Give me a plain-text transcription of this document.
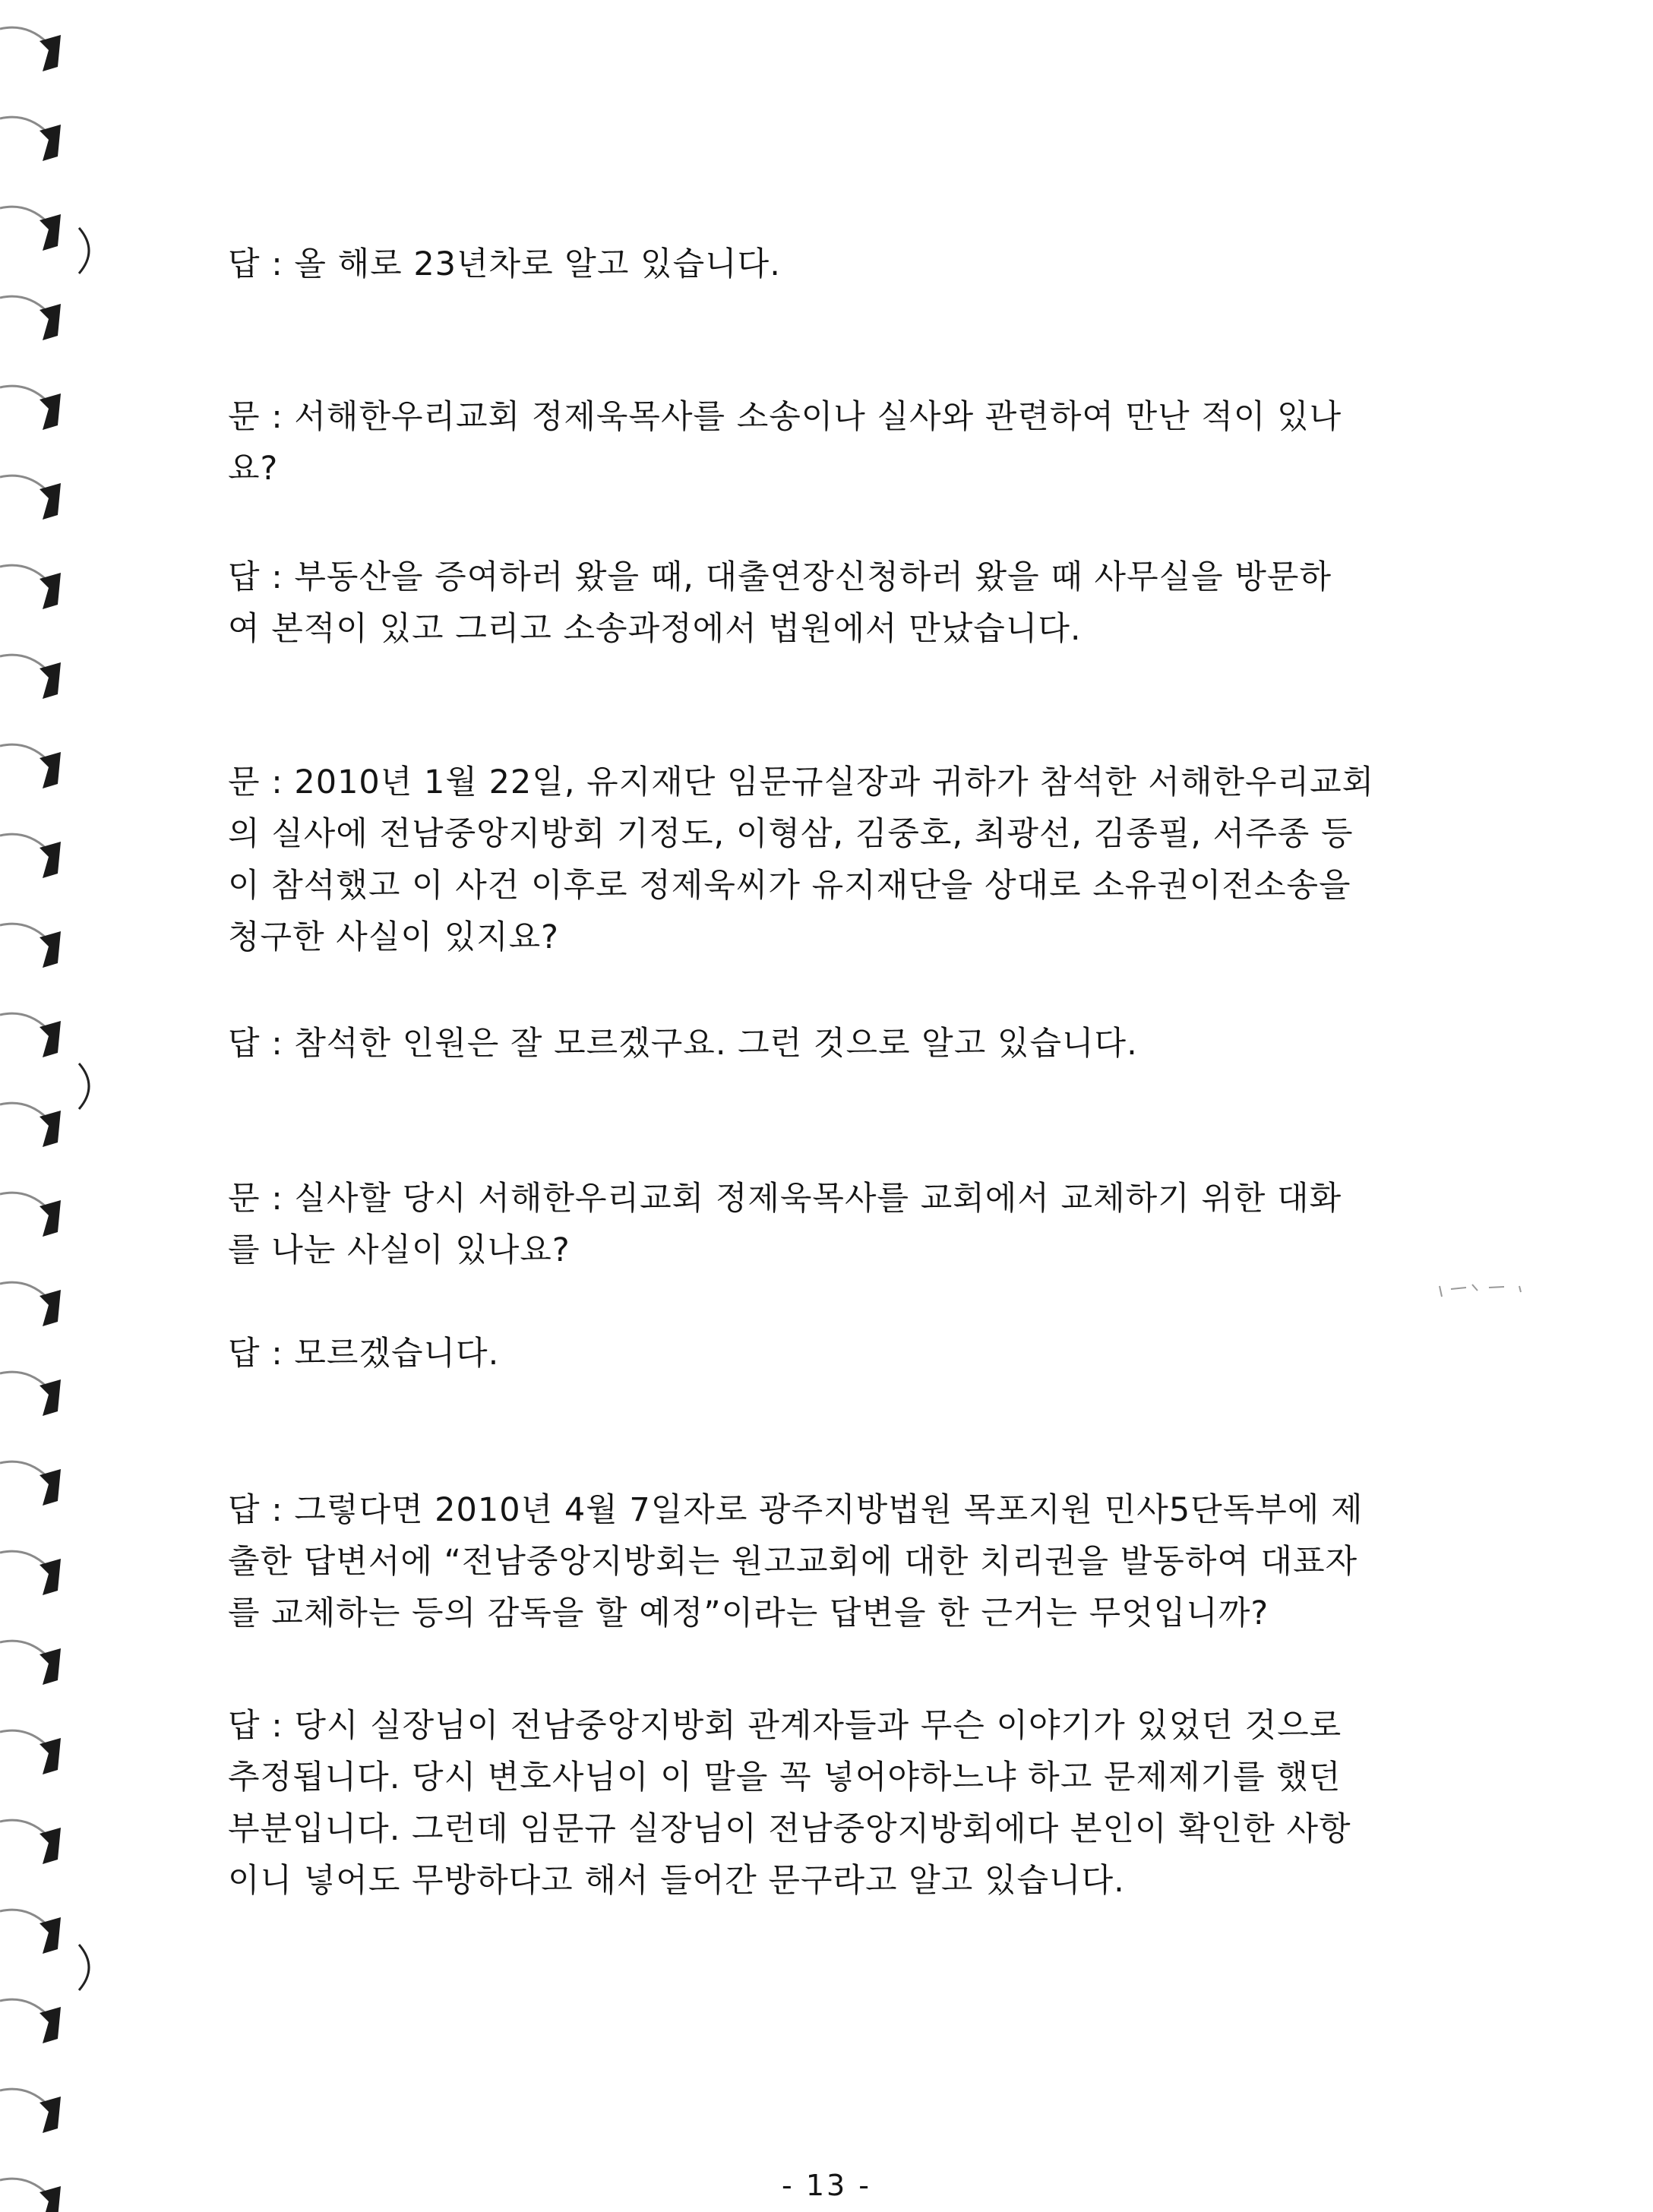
답 : 올 해로 23년차로 알고 있습니다.
문 : 서해한우리교회 정제욱목사를 소송이나 실사와 관련하여 만난 적이 있나
요?
답 : 부동산을 증여하러 왔을 때, 대출연장신청하러 왔을 때 사무실을 방문하
여 본적이 있고 그리고 소송과정에서 법원에서 만났습니다.
문 : 2010년 1월 22일, 유지재단 임문규실장과 귀하가 참석한 서해한우리교회
의 실사에 전남중앙지방회 기정도, 이형삼, 김중호, 최광선, 김종필, 서주종 등
이 참석했고 이 사건 이후로 정제욱씨가 유지재단을 상대로 소유권이전소송을
청구한 사실이 있지요?
답 : 참석한 인원은 잘 모르겠구요. 그런 것으로 알고 있습니다.
문 : 실사할 당시 서해한우리교회 정제욱목사를 교회에서 교체하기 위한 대화
를 나눈 사실이 있나요?
답 : 모르겠습니다.
답 : 그렇다면 2010년 4월 7일자로 광주지방법원 목포지원 민사5단독부에 제
출한 답변서에 “전남중앙지방회는 원고교회에 대한 치리권을 발동하여 대표자
를 교체하는 등의 감독을 할 예정”이라는 답변을 한 근거는 무엇입니까?
답 : 당시 실장님이 전남중앙지방회 관계자들과 무슨 이야기가 있었던 것으로
추정됩니다. 당시 변호사님이 이 말을 꼭 넣어야하느냐 하고 문제제기를 했던
부분입니다. 그런데 임문규 실장님이 전남중앙지방회에다 본인이 확인한 사항
이니 넣어도 무방하다고 해서 들어간 문구라고 알고 있습니다.
- 13 -
